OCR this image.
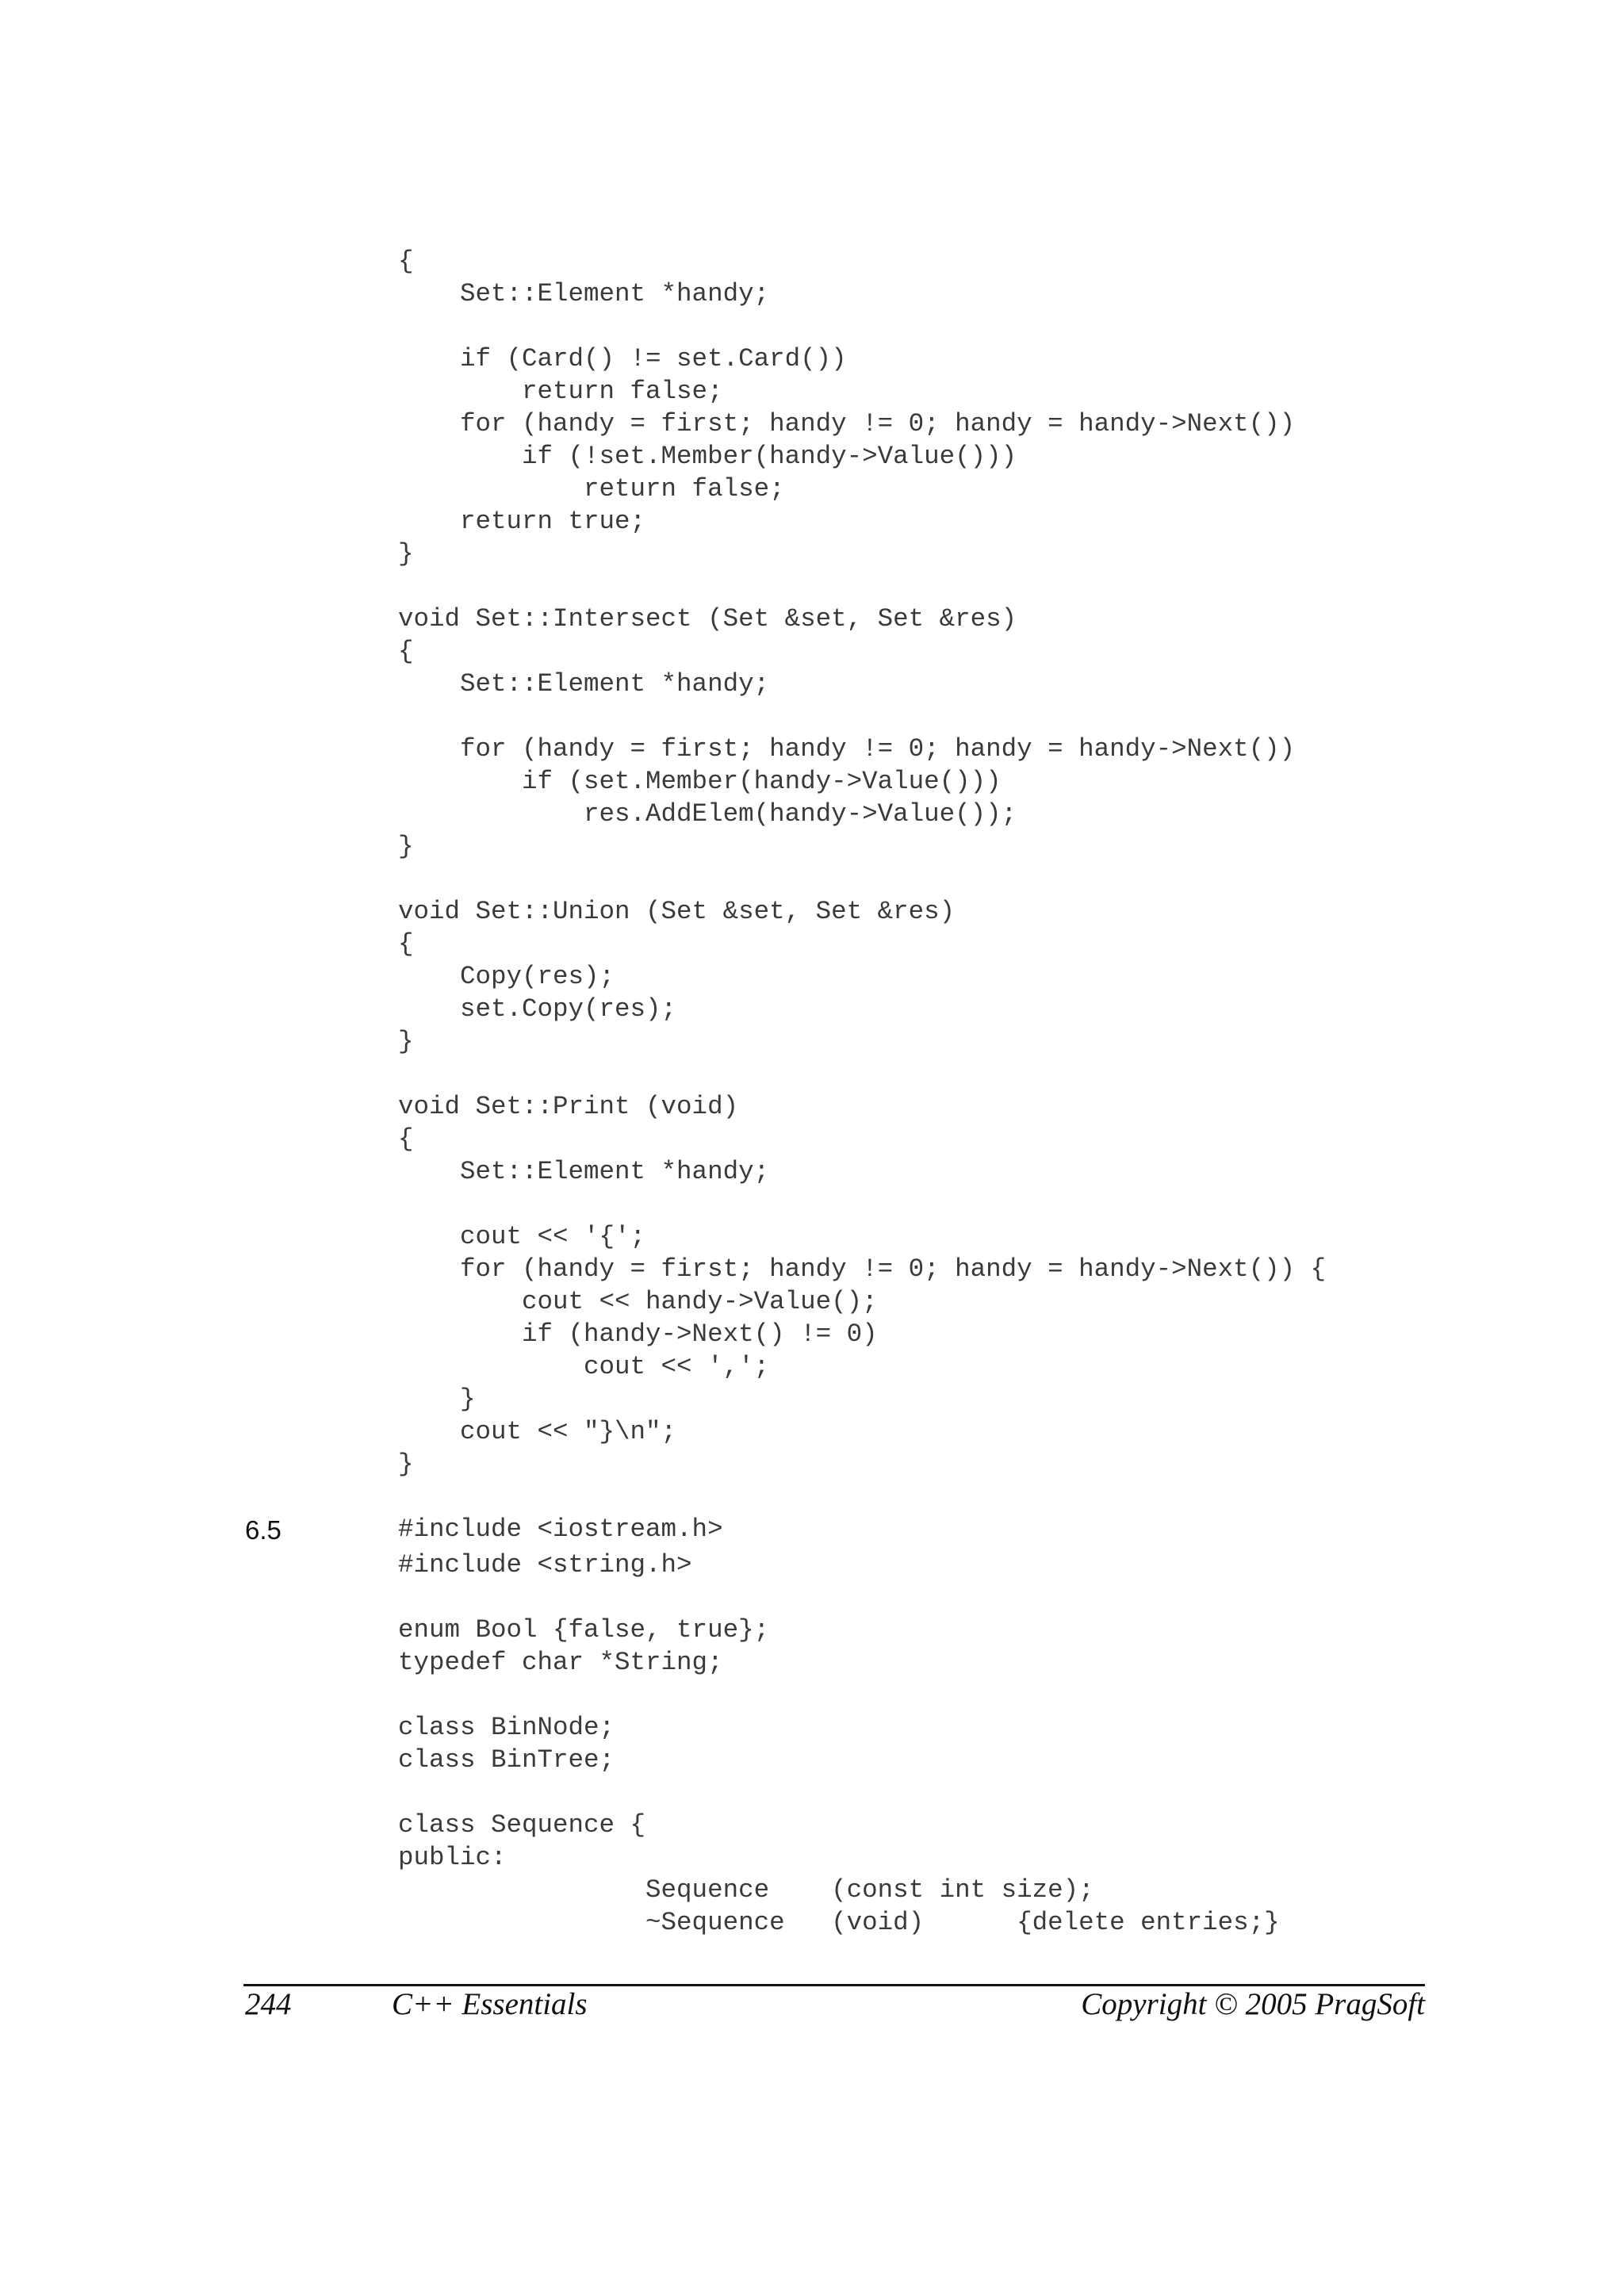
{
Set::Element *handy;
if (Card() != set.Card())
return false;
for (handy = first; handy != 0; handy = handy->Next())
if (!set.Member(handy->Value()))
return false;
return true;
}
void Set::Intersect (Set &set, Set &res)
{
Set::Element *handy;
for (handy = first; handy != 0; handy = handy->Next())
if (set.Member(handy->Value()))
res.AddElem(handy->Value());
}
void Set::Union (Set &set, Set &res)
{
Copy(res);
set.Copy(res);
}
void Set::Print (void)
{
Set::Element *handy;
cout << '{';
for (handy = first; handy != 0; handy = handy->Next()) {
cout << handy->Value();
if (handy->Next() != 0)
cout << ',';
}
cout << "}\n";
}
#include <iostream.h>
#include <string.h>
enum Bool {false, true};
typedef char *String;
class BinNode;
class BinTree;
class Sequence {
public:
Sequence    (const int size);
~Sequence   (void)      {delete entries;}
6.5
244	C++ Essentials	Copyright © 2005 PragSoft
